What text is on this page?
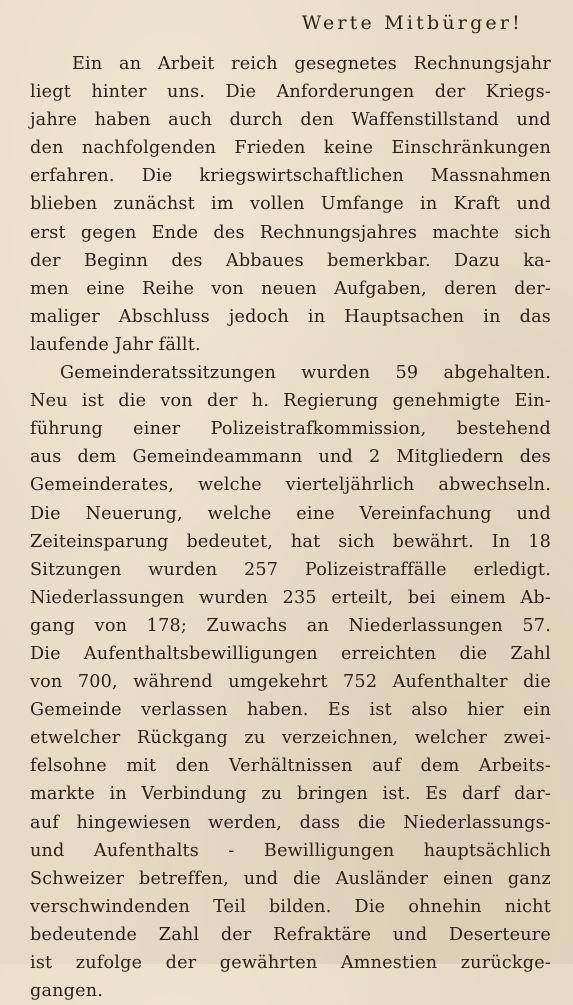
Werte Mitbürger!
Ein an Arbeit reich gesegnetes Rechnungsjahr
liegt hinter uns. Die Anforderungen der Kriegs-
jahre haben auch durch den Waffenstillstand und
den nachfolgenden Frieden keine Einschränkungen
erfahren. Die kriegswirtschaftlichen Massnahmen
blieben zunächst im vollen Umfange in Kraft und
erst gegen Ende des Rechnungsjahres machte sich
der Beginn des Abbaues bemerkbar. Dazu ka-
men eine Reihe von neuen Aufgaben, deren der-
maliger Abschluss jedoch in Hauptsachen in das
laufende Jahr fällt.
Gemeinderatssitzungen wurden 59 abgehalten.
Neu ist die von der h. Regierung genehmigte Ein-
führung einer Polizeistrafkommission, bestehend
aus dem Gemeindeammann und 2 Mitgliedern des
Gemeinderates, welche vierteljährlich abwechseln.
Die Neuerung, welche eine Vereinfachung und
Zeiteinsparung bedeutet, hat sich bewährt. In 18
Sitzungen wurden 257 Polizeistraffälle erledigt.
Niederlassungen wurden 235 erteilt, bei einem Ab-
gang von 178; Zuwachs an Niederlassungen 57.
Die Aufenthaltsbewilligungen erreichten die Zahl
von 700, während umgekehrt 752 Aufenthalter die
Gemeinde verlassen haben. Es ist also hier ein
etwelcher Rückgang zu verzeichnen, welcher zwei-
felsohne mit den Verhältnissen auf dem Arbeits-
markte in Verbindung zu bringen ist. Es darf dar-
auf hingewiesen werden, dass die Niederlassungs-
und Aufenthalts - Bewilligungen hauptsächlich
Schweizer betreffen, und die Ausländer einen ganz
verschwindenden Teil bilden. Die ohnehin nicht
bedeutende Zahl der Refraktäre und Deserteure
ist zufolge der gewährten Amnestien zurückge-
gangen.
